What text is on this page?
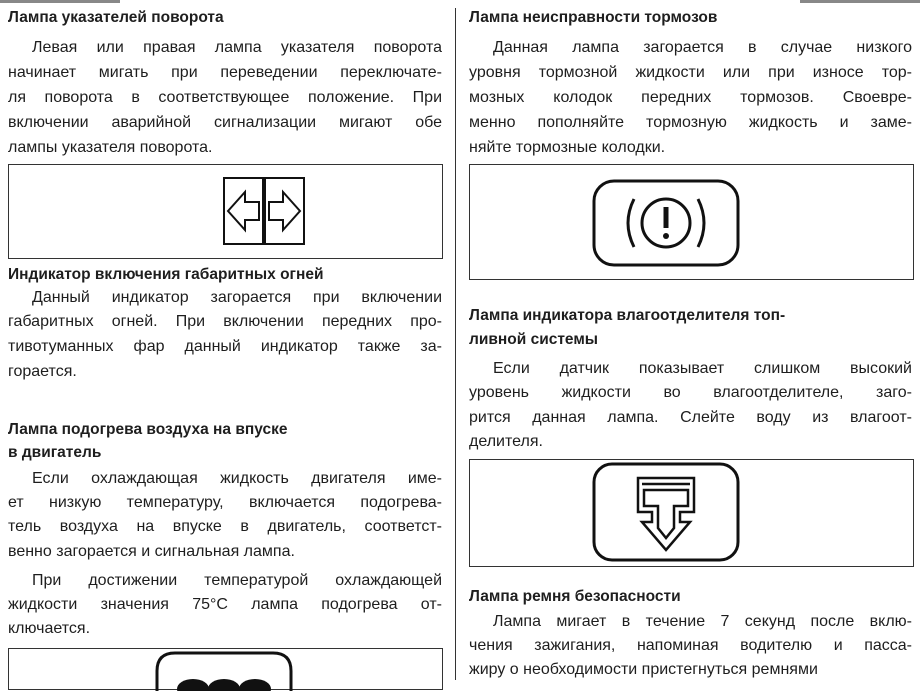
Лампа указателей поворота
Левая или правая лампа указателя поворота
начинает мигать при переведении переключате-
ля поворота в соответствующее положение. При
включении аварийной сигнализации мигают обе
лампы указателя поворота.
Индикатор включения габаритных огней
Данный индикатор загорается при включении
габаритных огней. При включении передних про-
тивотуманных фар данный индикатор также за-
горается.
Лампа подогрева воздуха на впуске
в двигатель
Если охлаждающая жидкость двигателя име-
ет низкую температуру, включается подогрева-
тель воздуха на впуске в двигатель, соответст-
венно загорается и сигнальная лампа.
При достижении температурой охлаждающей
жидкости значения 75°C лампа подогрева от-
ключается.
Лампа неисправности тормозов
Данная лампа загорается в случае низкого
уровня тормозной жидкости или при износе тор-
мозных колодок передних тормозов. Своевре-
менно пополняйте тормозную жидкость и заме-
няйте тормозные колодки.
Лампа индикатора влагоотделителя топ-
ливной системы
Если датчик показывает слишком высокий
уровень жидкости во влагоотделителе, заго-
рится данная лампа. Слейте воду из влагоот-
делителя.
Лампа ремня безопасности
Лампа мигает в течение 7 секунд после вклю-
чения зажигания, напоминая водителю и пасса-
жиру о необходимости пристегнуться ремнями
